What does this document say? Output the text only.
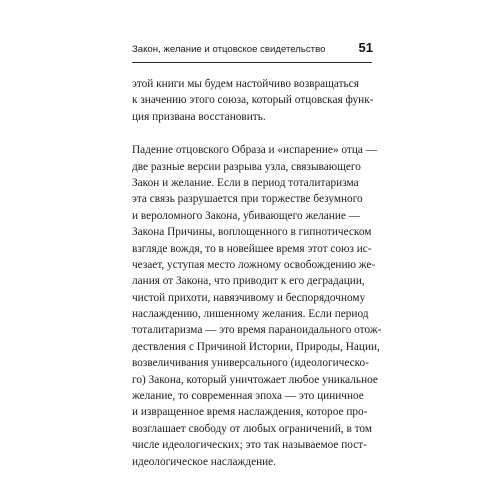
Закон, желание и отцовское свидетельство	51
этой книги мы будем настойчиво возвращаться
к значению этого союза, который отцовская функ-
ция призвана восстановить.
Падение отцовского Образа и «испарение» отца —
две разные версии разрыва узла, связывающего
Закон и желание. Если в период тоталитаризма
эта связь разрушается при торжестве безумного
и вероломного Закона, убивающего желание —
Закона Причины, воплощенного в гипнотическом
взгляде вождя, то в новейшее время этот союз ис-
чезает, уступая место ложному освобождению же-
лания от Закона, что приводит к его деградации,
чистой прихоти, навязчивому и беспорядочному
наслаждению, лишенному желания. Если период
тоталитаризма — это время параноидального отож-
дествления с Причиной Истории, Природы, Нации,
возвеличивания универсального (идеологическо-
го) Закона, который уничтожает любое уникальное
желание, то современная эпоха — это циничное
и извращенное время наслаждения, которое про-
возглашает свободу от любых ограничений, в том
числе идеологических; это так называемое пост-
идеологическое наслаждение.
